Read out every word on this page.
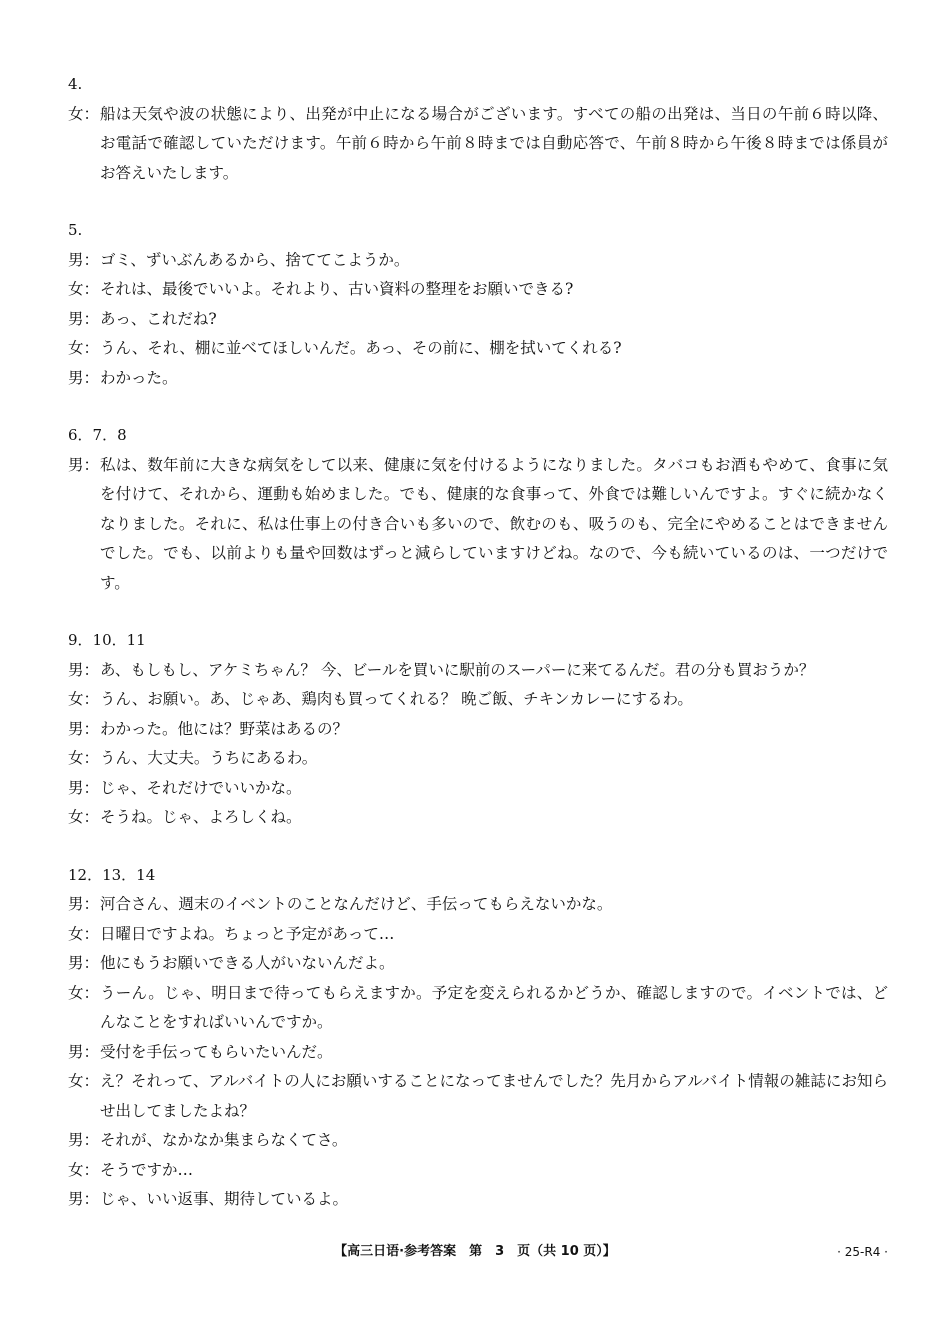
4.
女： 船は天気や波の状態により、出発が中止になる場合がございます。すべての船の出発は、当日の午前６時以降、お電話で確認していただけます。午前６時から午前８時までは自動応答で、午前８時から午後８時までは係員がお答えいたします。
5.
男： ゴミ、ずいぶんあるから、捨ててこようか。
女： それは、最後でいいよ。それより、古い資料の整理をお願いできる?
男： あっ、これだね?
女： うん、それ、棚に並べてほしいんだ。あっ、その前に、棚を拭いてくれる?
男： わかった。
6．7．8
男： 私は、数年前に大きな病気をして以来、健康に気を付けるようになりました。タバコもお酒もやめて、食事に気を付けて、それから、運動も始めました。でも、健康的な食事って、外食では難しいんですよ。すぐに続かなくなりました。それに、私は仕事上の付き合いも多いので、飲むのも、吸うのも、完全にやめることはできませんでした。でも、以前よりも量や回数はずっと減らしていますけどね。なので、今も続いているのは、一つだけです。
9．10．11
男： あ、もしもし、アケミちゃん？ 今、ビールを買いに駅前のスーパーに来てるんだ。君の分も買おうか？
女： うん、お願い。あ、じゃあ、鶏肉も買ってくれる？ 晩ご飯、チキンカレーにするわ。
男： わかった。他には？野菜はあるの？
女： うん、大丈夫。うちにあるわ。
男： じゃ、それだけでいいかな。
女： そうね。じゃ、よろしくね。
12．13．14
男： 河合さん、週末のイベントのことなんだけど、手伝ってもらえないかな。
女： 日曜日ですよね。ちょっと予定があって…
男： 他にもうお願いできる人がいないんだよ。
女： うーん。じゃ、明日まで待ってもらえますか。予定を変えられるかどうか、確認しますので。イベントでは、どんなことをすればいいんですか。
男： 受付を手伝ってもらいたいんだ。
女： え？それって、アルバイトの人にお願いすることになってませんでした？先月からアルバイト情報の雑誌にお知らせ出してましたよね？
男： それが、なかなか集まらなくてさ。
女： そうですか…
男： じゃ、いい返事、期待しているよ。
【高三日语·参考答案　第　3　页（共 10 页）】	· 25-R4 ·
